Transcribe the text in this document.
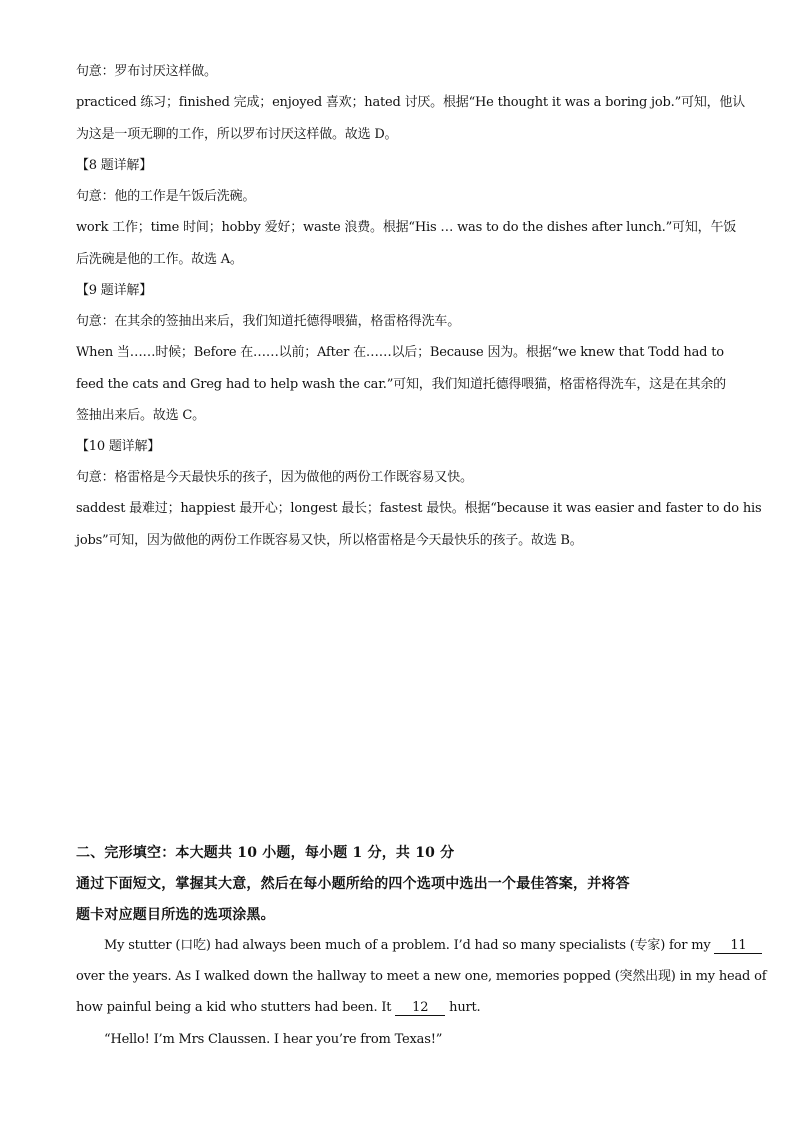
句意：罗布讨厌这样做。
practiced 练习；finished 完成；enjoyed 喜欢；hated 讨厌。根据“He thought it was a boring job.”可知，他认
为这是一项无聊的工作，所以罗布讨厌这样做。故选 D。
【8 题详解】
句意：他的工作是午饭后洗碗。
work 工作；time 时间；hobby 爱好；waste 浪费。根据“His … was to do the dishes after lunch.”可知，午饭
后洗碗是他的工作。故选 A。
【9 题详解】
句意：在其余的签抽出来后，我们知道托德得喂猫，格雷格得洗车。
When 当……时候；Before 在……以前；After 在……以后；Because 因为。根据“we knew that Todd had to
feed the cats and Greg had to help wash the car.”可知，我们知道托德得喂猫，格雷格得洗车，这是在其余的
签抽出来后。故选 C。
【10 题详解】
句意：格雷格是今天最快乐的孩子，因为做他的两份工作既容易又快。
saddest 最难过；happiest 最开心；longest 最长；fastest 最快。根据“because it was easier and faster to do his
jobs”可知，因为做他的两份工作既容易又快，所以格雷格是今天最快乐的孩子。故选 B。
二、完形填空：本大题共 10 小题，每小题 1 分，共 10 分
通过下面短文，掌握其大意，然后在每小题所给的四个选项中选出一个最佳答案，并将答
题卡对应题目所选的选项涂黑。
My stutter (口吃) had always been much of a problem. I’d had so many specialists (专家) for my 11
over the years. As I walked down the hallway to meet a new one, memories popped (突然出现) in my head of
how painful being a kid who stutters had been. It 12 hurt.
“Hello! I’m Mrs Claussen. I hear you’re from Texas!”
